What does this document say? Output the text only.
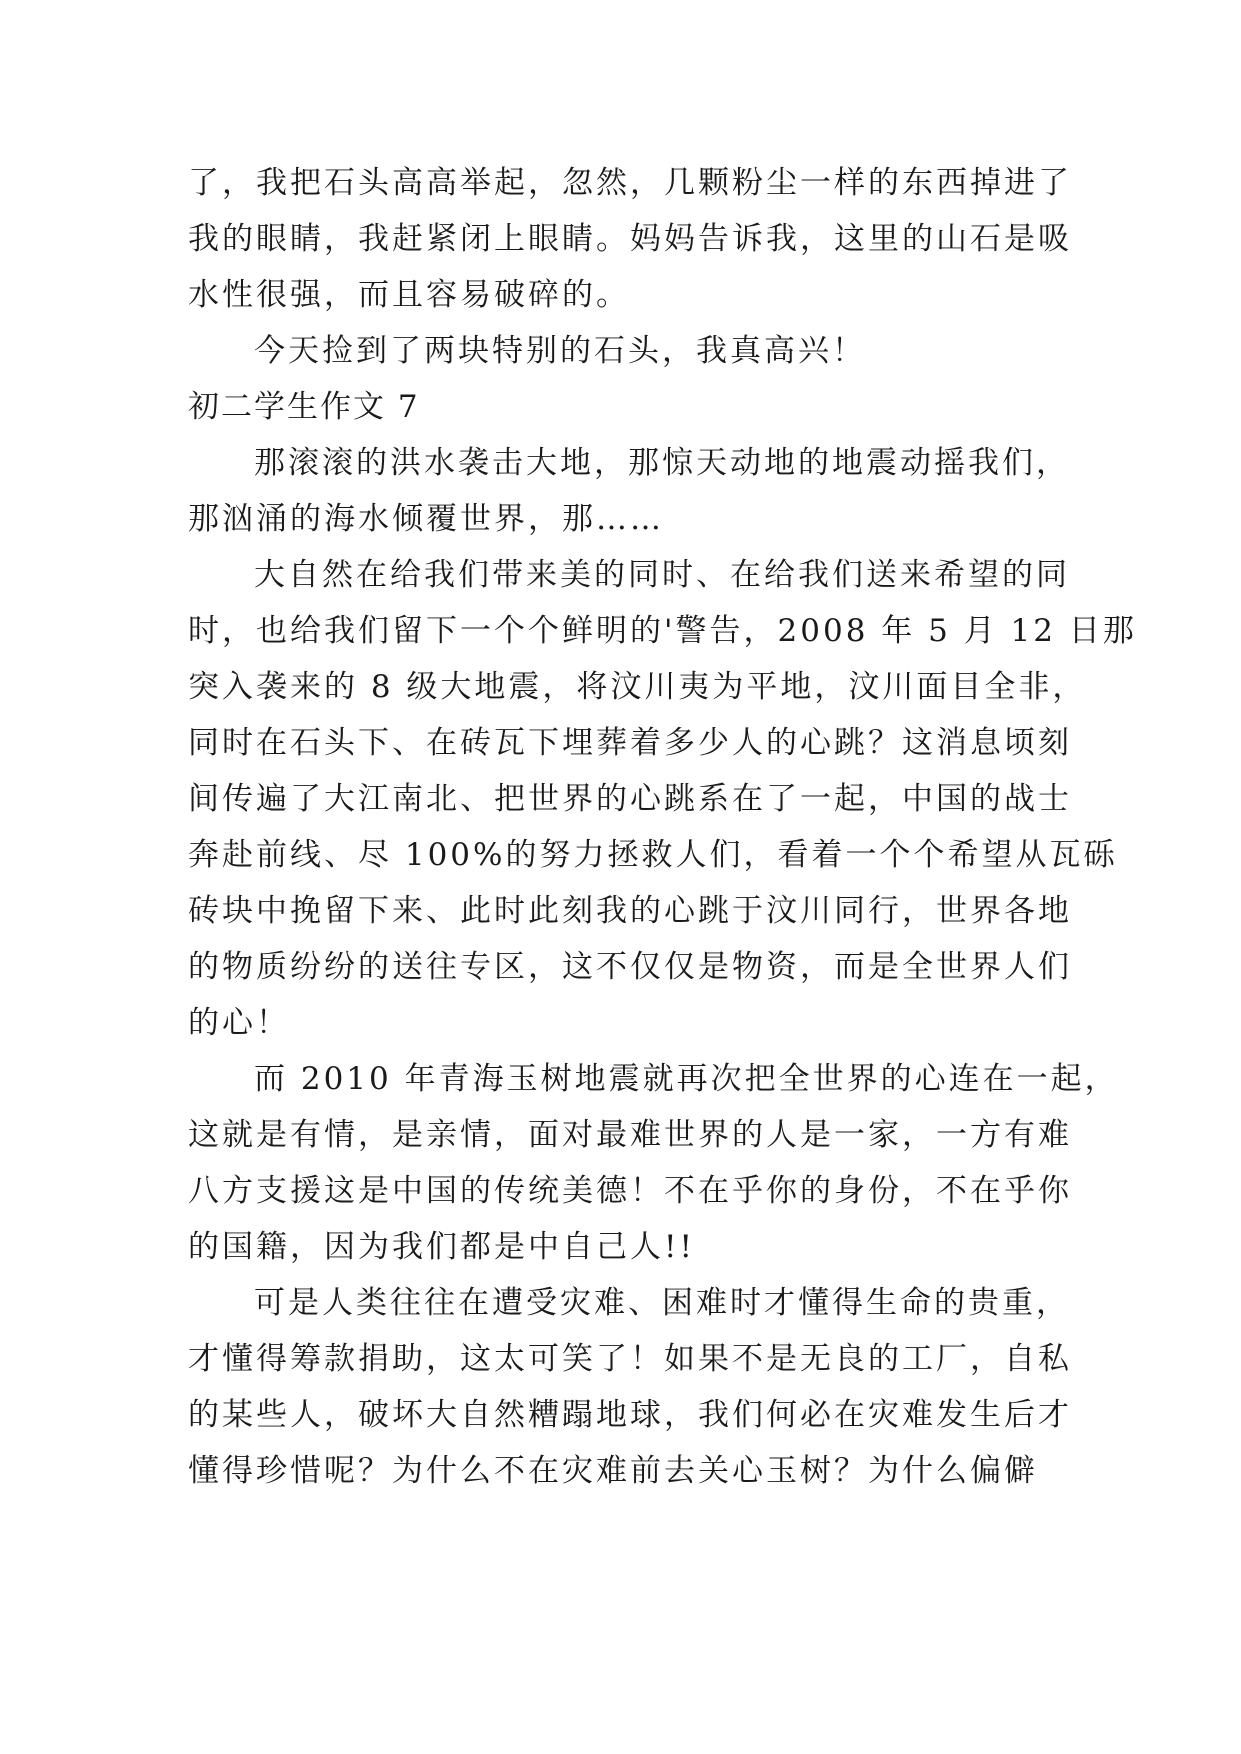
了，我把石头高高举起，忽然，几颗粉尘一样的东西掉进了
我的眼睛，我赶紧闭上眼睛。妈妈告诉我，这里的山石是吸
水性很强，而且容易破碎的。
今天捡到了两块特别的石头，我真高兴！
初二学生作文 7
那滚滚的洪水袭击大地，那惊天动地的地震动摇我们，
那汹涌的海水倾覆世界，那……
大自然在给我们带来美的同时、在给我们送来希望的同
时，也给我们留下一个个鲜明的'警告，2008 年 5 月 12 日那
突入袭来的 8 级大地震，将汶川夷为平地，汶川面目全非，
同时在石头下、在砖瓦下埋葬着多少人的心跳？这消息顷刻
间传遍了大江南北、把世界的心跳系在了一起，中国的战士
奔赴前线、尽 100%的努力拯救人们，看着一个个希望从瓦砾
砖块中挽留下来、此时此刻我的心跳于汶川同行，世界各地
的物质纷纷的送往专区，这不仅仅是物资，而是全世界人们
的心！
而 2010 年青海玉树地震就再次把全世界的心连在一起，
这就是有情，是亲情，面对最难世界的人是一家，一方有难
八方支援这是中国的传统美德！不在乎你的身份，不在乎你
的国籍，因为我们都是中自己人!!
可是人类往往在遭受灾难、困难时才懂得生命的贵重，
才懂得筹款捐助，这太可笑了！如果不是无良的工厂，自私
的某些人，破坏大自然糟蹋地球，我们何必在灾难发生后才
懂得珍惜呢？为什么不在灾难前去关心玉树？为什么偏僻
